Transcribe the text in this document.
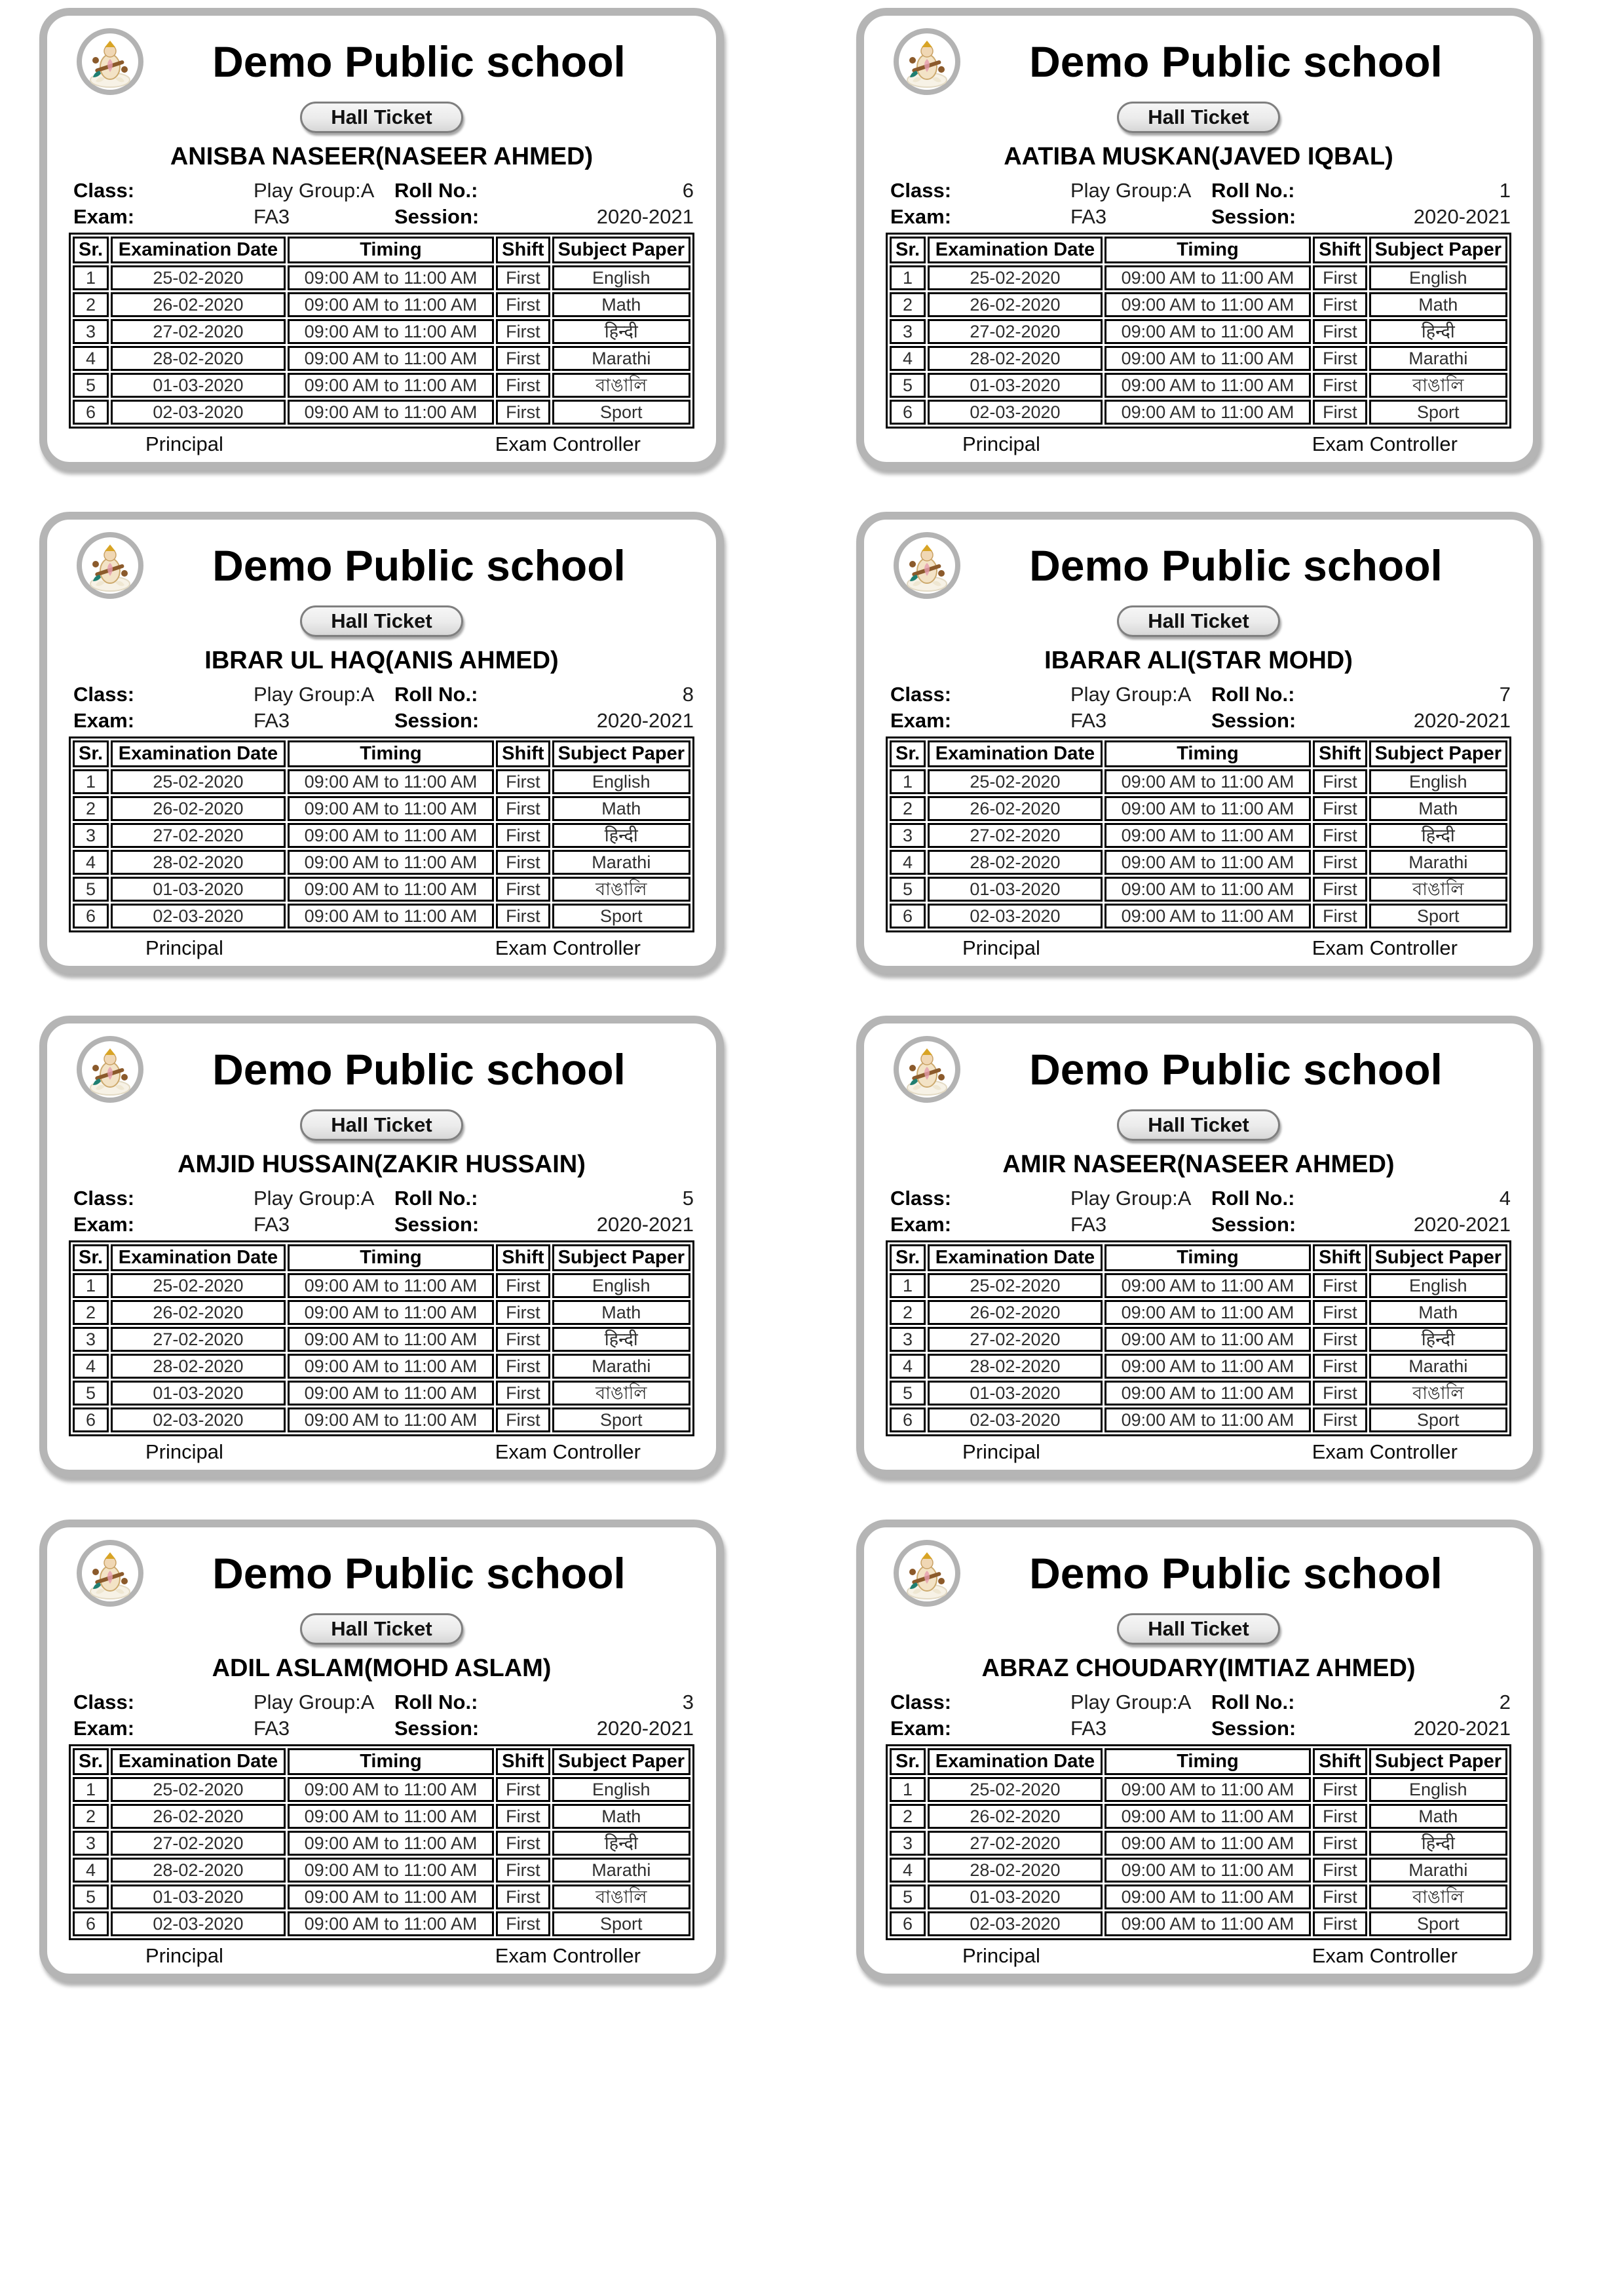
Demo Public school
Hall Ticket
ANISBA NASEER(NASEER AHMED)
Class:	Play Group:A Roll No.:	6
Exam:	FA3	Session:	2020-2021
Sr.	Examination Date	Timing	Shift	Subject Paper
1	25-02-2020	09:00 AM to 11:00 AM	First	English
2	26-02-2020	09:00 AM to 11:00 AM	First	Math
3	27-02-2020	09:00 AM to 11:00 AM	First	हिन्दी
4	28-02-2020	09:00 AM to 11:00 AM	First	Marathi
5	01-03-2020	09:00 AM to 11:00 AM	First	বাঙালি
6	02-03-2020	09:00 AM to 11:00 AM	First	Sport
Principal	Exam Controller
Demo Public school
Hall Ticket
AATIBA MUSKAN(JAVED IQBAL)
Class:	Play Group:A Roll No.:	1
Exam:	FA3	Session:	2020-2021
Sr.	Examination Date	Timing	Shift	Subject Paper
1	25-02-2020	09:00 AM to 11:00 AM	First	English
2	26-02-2020	09:00 AM to 11:00 AM	First	Math
3	27-02-2020	09:00 AM to 11:00 AM	First	हिन्दी
4	28-02-2020	09:00 AM to 11:00 AM	First	Marathi
5	01-03-2020	09:00 AM to 11:00 AM	First	বাঙালি
6	02-03-2020	09:00 AM to 11:00 AM	First	Sport
Principal	Exam Controller
Demo Public school
Hall Ticket
IBRAR UL HAQ(ANIS AHMED)
Class:	Play Group:A Roll No.:	8
Exam:	FA3	Session:	2020-2021
Sr.	Examination Date	Timing	Shift	Subject Paper
1	25-02-2020	09:00 AM to 11:00 AM	First	English
2	26-02-2020	09:00 AM to 11:00 AM	First	Math
3	27-02-2020	09:00 AM to 11:00 AM	First	हिन्दी
4	28-02-2020	09:00 AM to 11:00 AM	First	Marathi
5	01-03-2020	09:00 AM to 11:00 AM	First	বাঙালি
6	02-03-2020	09:00 AM to 11:00 AM	First	Sport
Principal	Exam Controller
Demo Public school
Hall Ticket
IBARAR ALI(STAR MOHD)
Class:	Play Group:A Roll No.:	7
Exam:	FA3	Session:	2020-2021
Sr.	Examination Date	Timing	Shift	Subject Paper
1	25-02-2020	09:00 AM to 11:00 AM	First	English
2	26-02-2020	09:00 AM to 11:00 AM	First	Math
3	27-02-2020	09:00 AM to 11:00 AM	First	हिन्दी
4	28-02-2020	09:00 AM to 11:00 AM	First	Marathi
5	01-03-2020	09:00 AM to 11:00 AM	First	বাঙালি
6	02-03-2020	09:00 AM to 11:00 AM	First	Sport
Principal	Exam Controller
Demo Public school
Hall Ticket
AMJID HUSSAIN(ZAKIR HUSSAIN)
Class:	Play Group:A Roll No.:	5
Exam:	FA3	Session:	2020-2021
Sr.	Examination Date	Timing	Shift	Subject Paper
1	25-02-2020	09:00 AM to 11:00 AM	First	English
2	26-02-2020	09:00 AM to 11:00 AM	First	Math
3	27-02-2020	09:00 AM to 11:00 AM	First	हिन्दी
4	28-02-2020	09:00 AM to 11:00 AM	First	Marathi
5	01-03-2020	09:00 AM to 11:00 AM	First	বাঙালি
6	02-03-2020	09:00 AM to 11:00 AM	First	Sport
Principal	Exam Controller
Demo Public school
Hall Ticket
AMIR NASEER(NASEER AHMED)
Class:	Play Group:A Roll No.:	4
Exam:	FA3	Session:	2020-2021
Sr.	Examination Date	Timing	Shift	Subject Paper
1	25-02-2020	09:00 AM to 11:00 AM	First	English
2	26-02-2020	09:00 AM to 11:00 AM	First	Math
3	27-02-2020	09:00 AM to 11:00 AM	First	हिन्दी
4	28-02-2020	09:00 AM to 11:00 AM	First	Marathi
5	01-03-2020	09:00 AM to 11:00 AM	First	বাঙালি
6	02-03-2020	09:00 AM to 11:00 AM	First	Sport
Principal	Exam Controller
Demo Public school
Hall Ticket
ADIL ASLAM(MOHD ASLAM)
Class:	Play Group:A Roll No.:	3
Exam:	FA3	Session:	2020-2021
Sr.	Examination Date	Timing	Shift	Subject Paper
1	25-02-2020	09:00 AM to 11:00 AM	First	English
2	26-02-2020	09:00 AM to 11:00 AM	First	Math
3	27-02-2020	09:00 AM to 11:00 AM	First	हिन्दी
4	28-02-2020	09:00 AM to 11:00 AM	First	Marathi
5	01-03-2020	09:00 AM to 11:00 AM	First	বাঙালি
6	02-03-2020	09:00 AM to 11:00 AM	First	Sport
Principal	Exam Controller
Demo Public school
Hall Ticket
ABRAZ CHOUDARY(IMTIAZ AHMED)
Class:	Play Group:A Roll No.:	2
Exam:	FA3	Session:	2020-2021
Sr.	Examination Date	Timing	Shift	Subject Paper
1	25-02-2020	09:00 AM to 11:00 AM	First	English
2	26-02-2020	09:00 AM to 11:00 AM	First	Math
3	27-02-2020	09:00 AM to 11:00 AM	First	हिन्दी
4	28-02-2020	09:00 AM to 11:00 AM	First	Marathi
5	01-03-2020	09:00 AM to 11:00 AM	First	বাঙালি
6	02-03-2020	09:00 AM to 11:00 AM	First	Sport
Principal	Exam Controller
